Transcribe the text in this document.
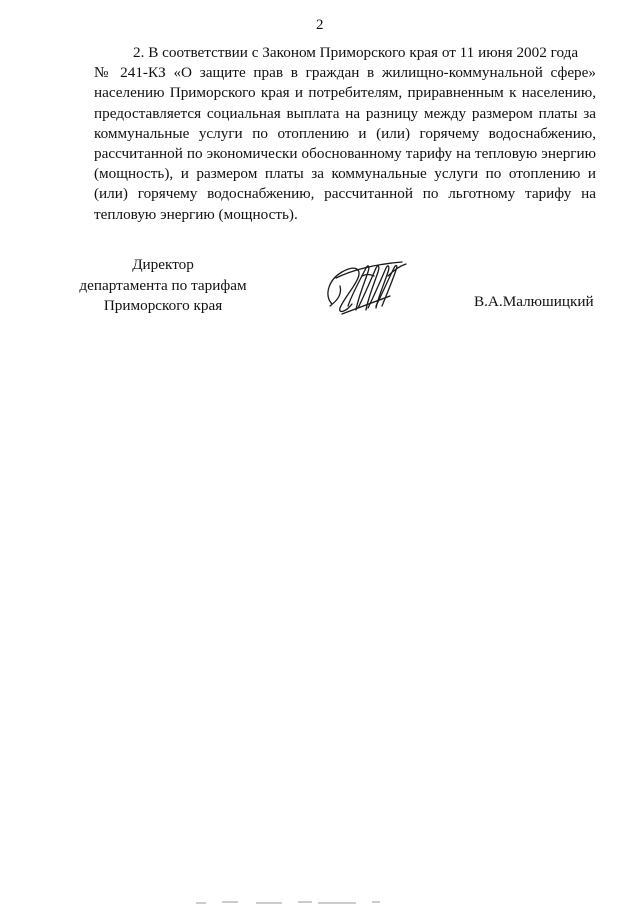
2
2. В соответствии с Законом Приморского края от 11 июня 2002 года
№ 241-КЗ «О защите прав в граждан в жилищно-коммунальной сфере»
населению Приморского края и потребителям, приравненным к населению,
предоставляется социальная выплата на разницу между размером платы за
коммунальные услуги по отоплению и (или) горячему водоснабжению,
рассчитанной по экономически обоснованному тарифу на тепловую энергию
(мощность), и размером платы за коммунальные услуги по отоплению и
(или) горячему водоснабжению, рассчитанной по льготному тарифу на
тепловую энергию (мощность).
Директор
департамента по тарифам
Приморского края	В.А.Малюшицкий
